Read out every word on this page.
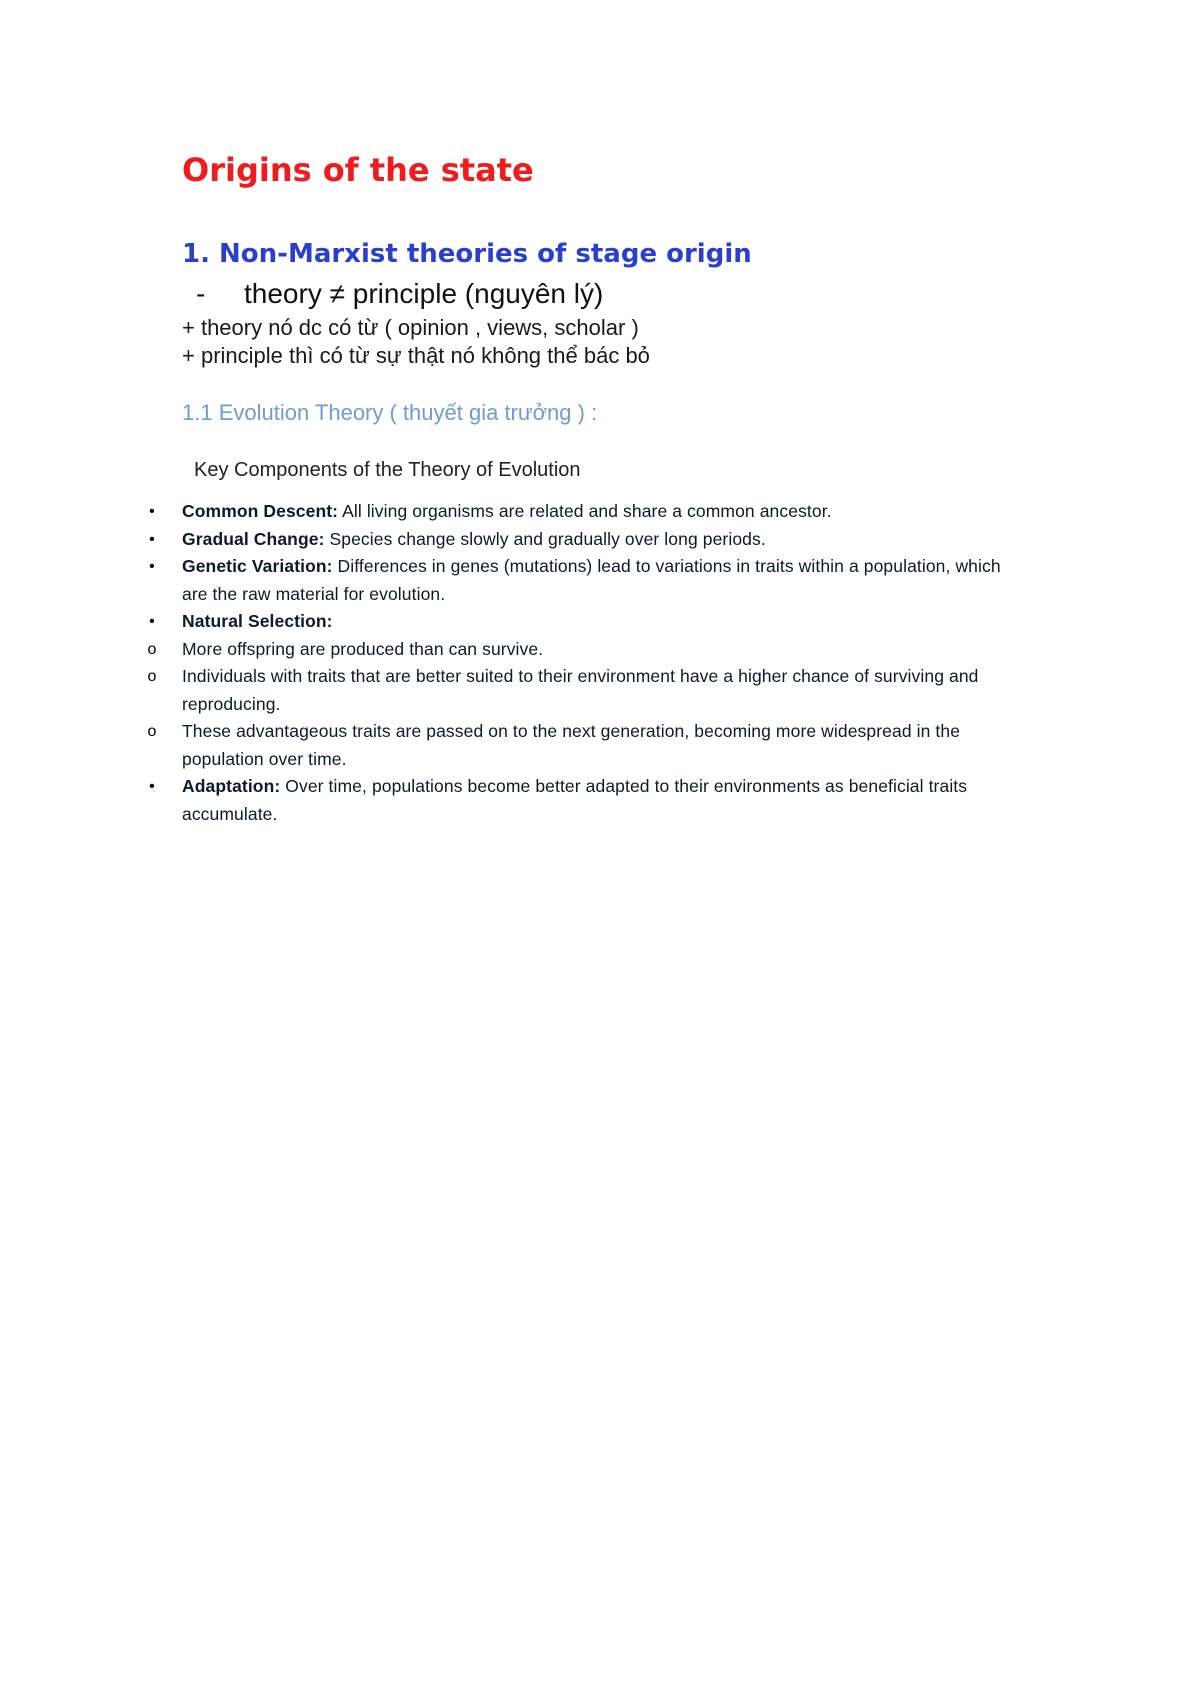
Origins of the state
1. Non-Marxist theories of stage origin
- theory ≠ principle (nguyên lý)
+ theory nó dc có từ ( opinion , views, scholar )
+ principle thì có từ sự thật nó không thể bác bỏ
1.1 Evolution Theory ( thuyết gia trưởng ) :
Key Components of the Theory of Evolution
• Common Descent: All living organisms are related and share a common ancestor.
• Gradual Change: Species change slowly and gradually over long periods.
• Genetic Variation: Differences in genes (mutations) lead to variations in traits within a population, which are the raw material for evolution.
• Natural Selection:
o More offspring are produced than can survive.
o Individuals with traits that are better suited to their environment have a higher chance of surviving and reproducing.
o These advantageous traits are passed on to the next generation, becoming more widespread in the population over time.
• Adaptation: Over time, populations become better adapted to their environments as beneficial traits accumulate.
